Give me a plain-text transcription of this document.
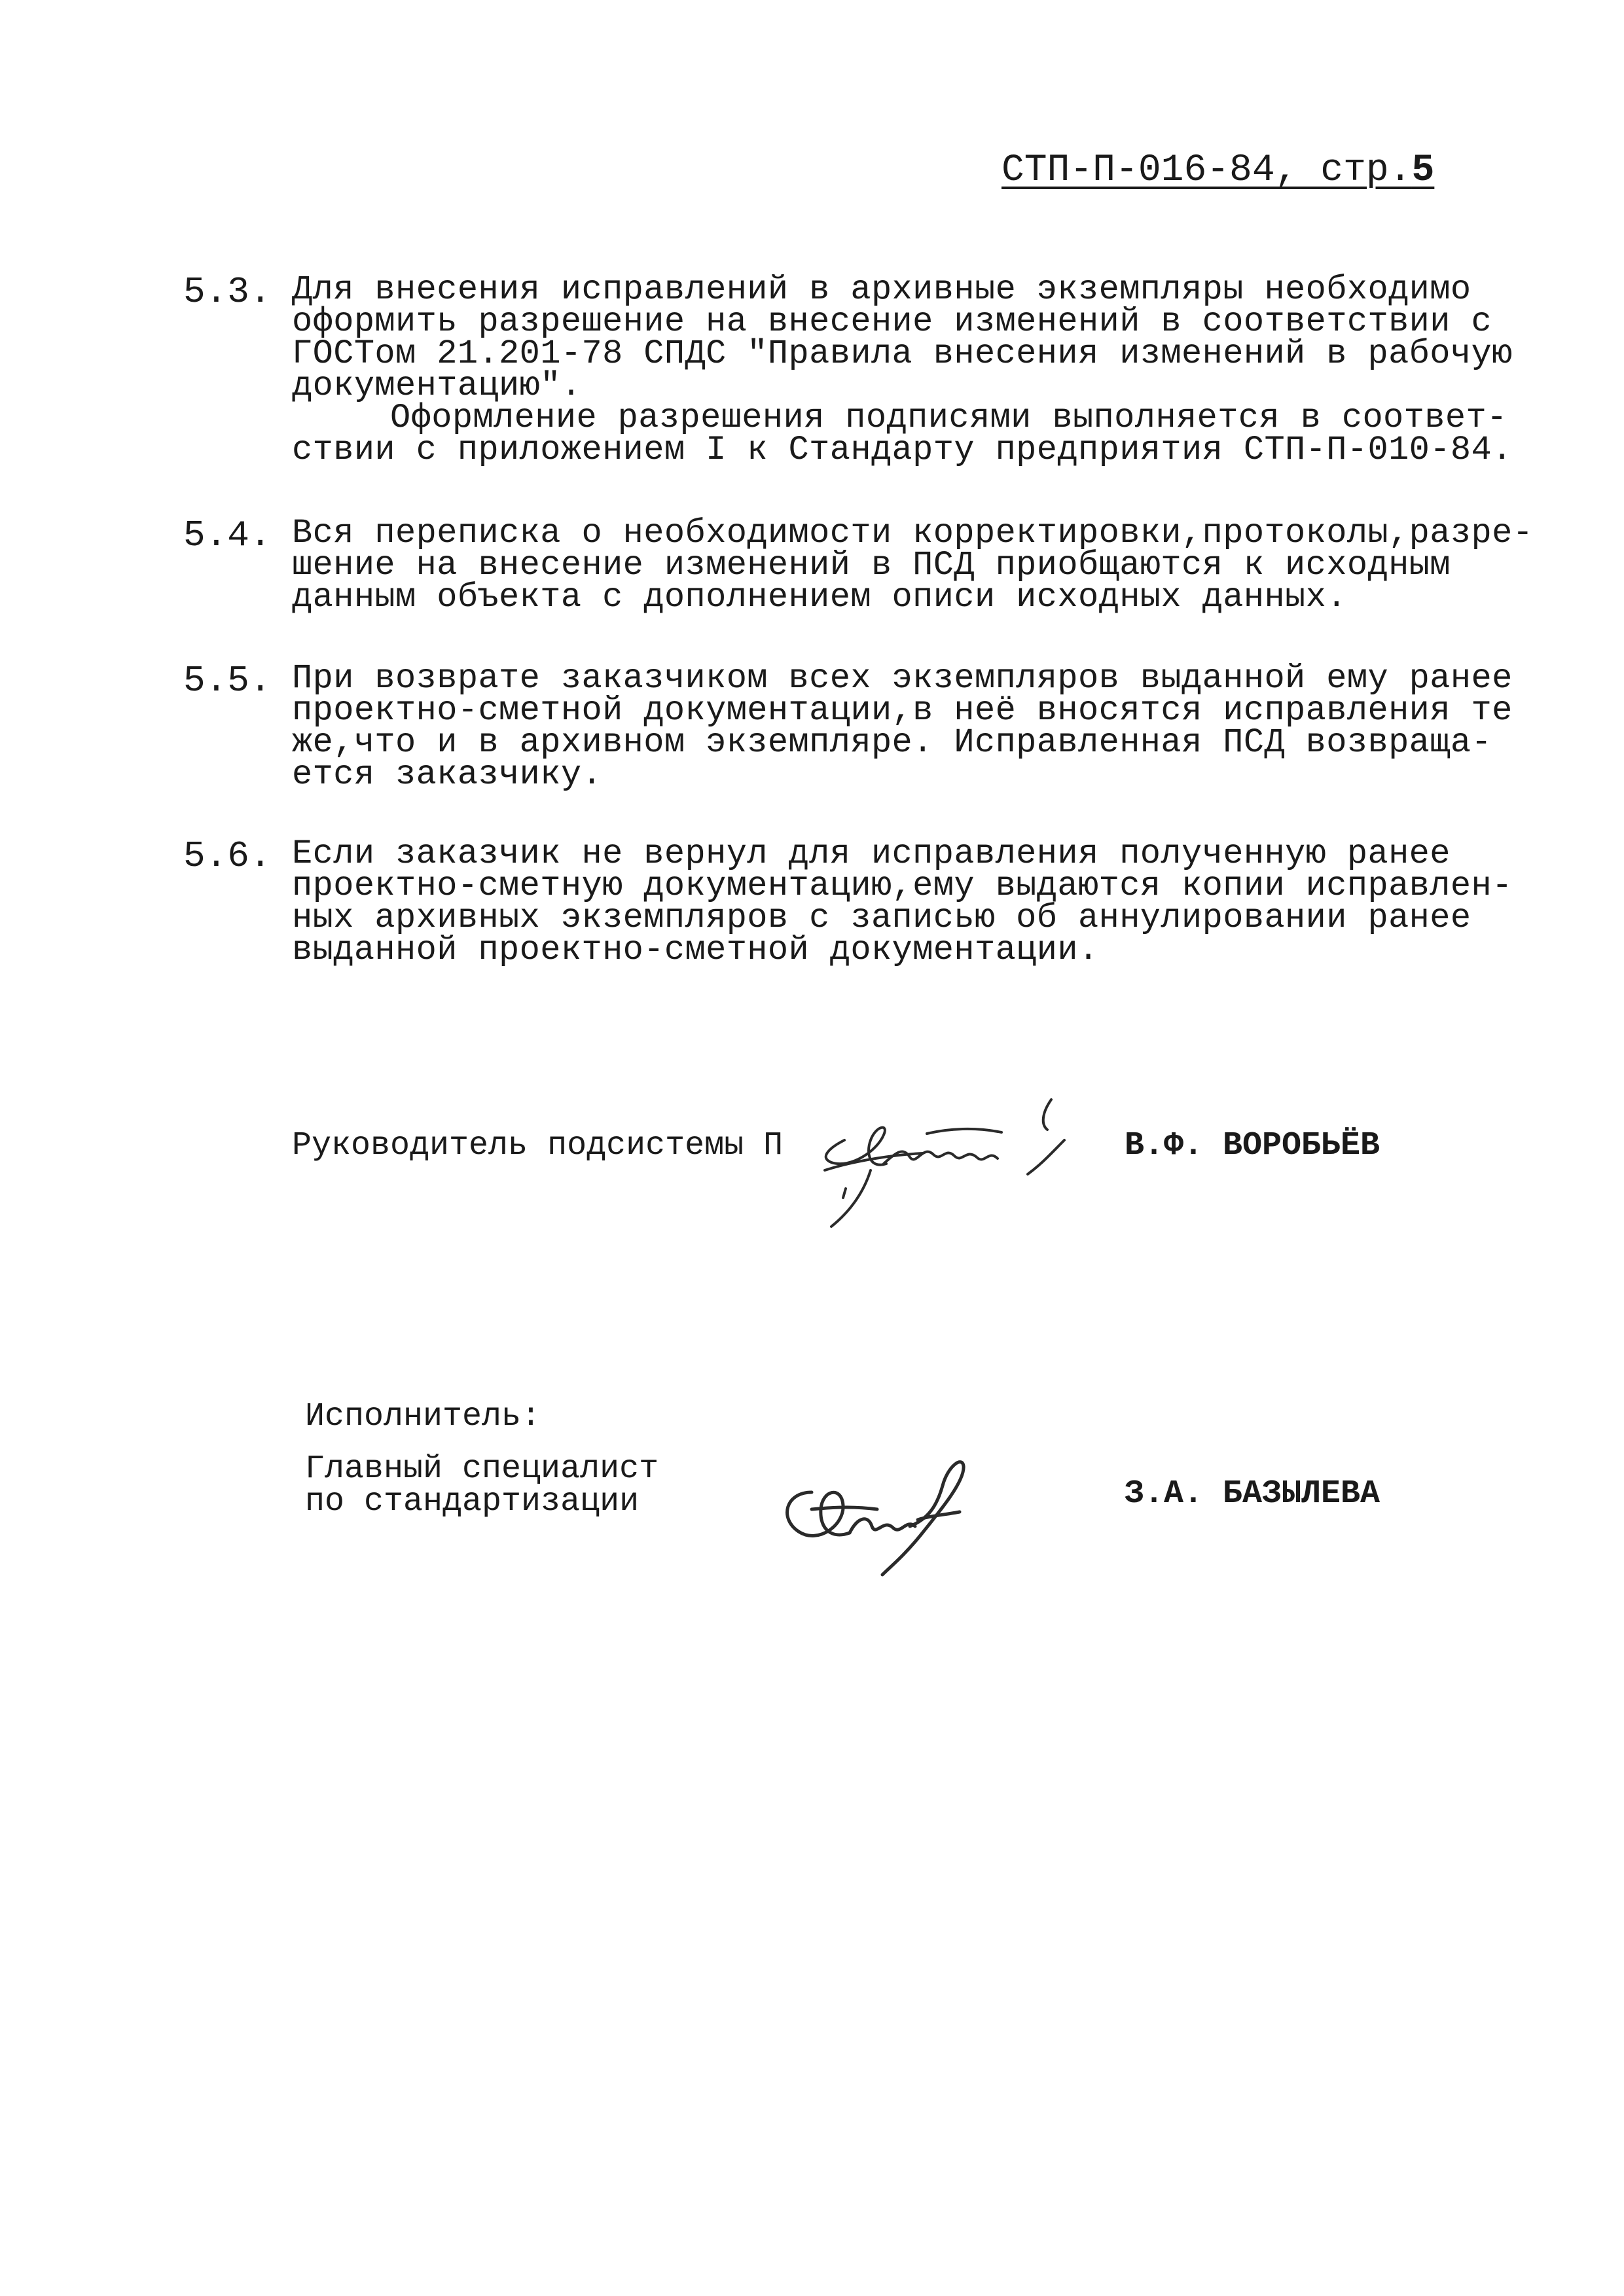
СТП-П-016-84, стр.5
5.3. Для внесения исправлений в архивные экземпляры необходимо
оформить разрешение на внесение изменений в соответствии с
ГОСТом 21.201-78 СПДС "Правила внесения изменений в рабочую
документацию".
Оформление разрешения подписями выполняется в соответ-
ствии с приложением I к Стандарту предприятия СТП-П-010-84.
5.4. Вся переписка о необходимости корректировки,протоколы,разре-
шение на внесение изменений в ПСД приобщаются к исходным
данным объекта с дополнением описи исходных данных.
5.5. При возврате заказчиком всех экземпляров выданной ему ранее
проектно-сметной документации,в неё вносятся исправления те
же,что и в архивном экземпляре. Исправленная ПСД возвраща-
ется заказчику.
5.6. Если заказчик не вернул для исправления полученную ранее
проектно-сметную документацию,ему выдаются копии исправлен-
ных архивных экземпляров с записью об аннулировании ранее
выданной проектно-сметной документации.
Руководитель подсистемы П	В.Ф. ВОРОБЬЁВ
Исполнитель:
Главный специалист
по стандартизации	З.А. БАЗЫЛЕВА
